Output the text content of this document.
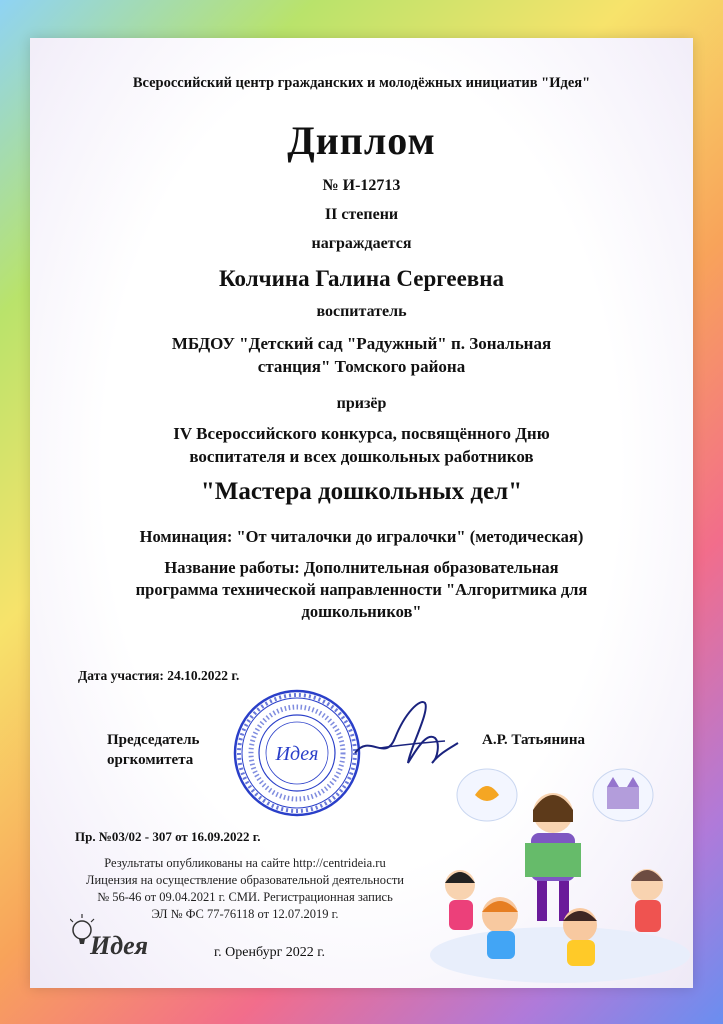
Всероссийский центр гражданских и молодёжных инициатив "Идея"
Диплом
№ И-12713
II степени
награждается
Колчина Галина Сергеевна
воспитатель
МБДОУ "Детский сад "Радужный" п. Зональная
станция" Томского района
призёр
IV Всероссийского конкурса, посвящённого Дню
воспитателя и всех дошкольных работников
"Мастера дошкольных дел"
Номинация: "От читалочки до игралочки" (методическая)
Название работы: Дополнительная образовательная
программа технической направленности "Алгоритмика для
дошкольников"
Дата участия: 24.10.2022 г.
Председатель
оргкомитета
А.Р. Татьянина
Идея
Пр. №03/02 - 307 от 16.09.2022 г.
Результаты опубликованы на сайте http://centrideia.ru
Лицензия на осуществление образовательной деятельности
№ 56-46 от 09.04.2021 г. СМИ. Регистрационная запись
ЭЛ № ФС 77-76118 от 12.07.2019 г.
Идея	г. Оренбург 2022 г.
